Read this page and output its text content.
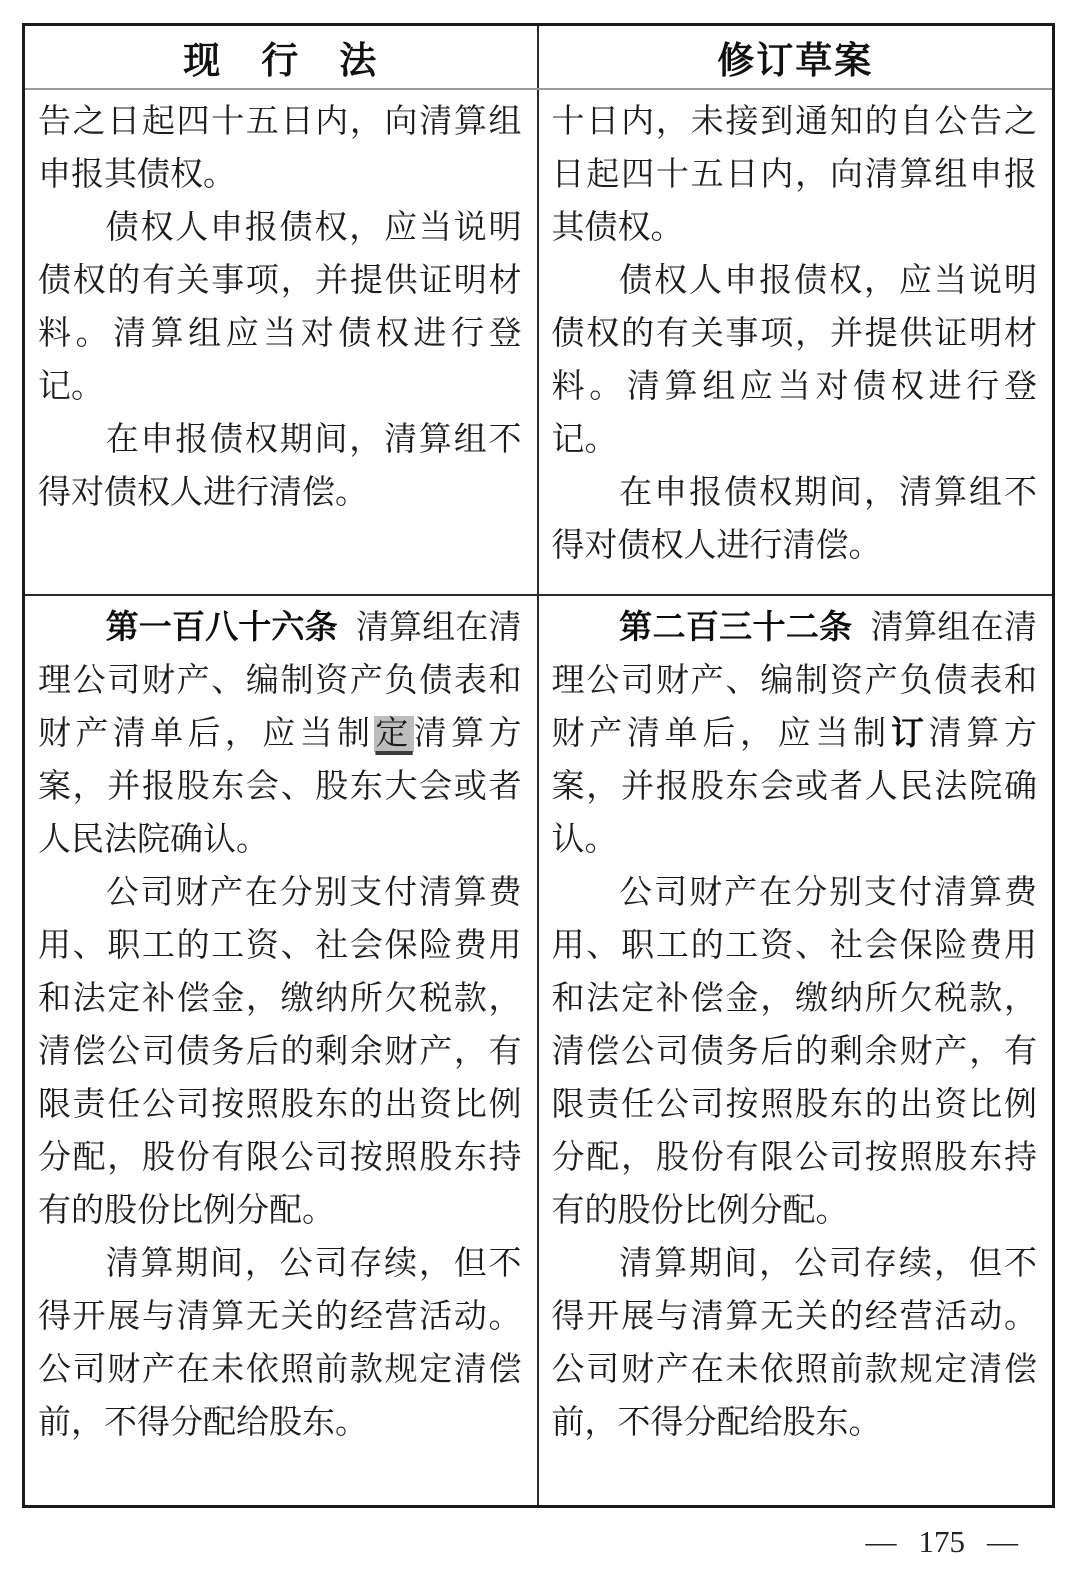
现　行　法	修订草案

告之日起四十五日内，向清算组申报其债权。

债权人申报债权，应当说明债权的有关事项，并提供证明材料。清算组应当对债权进行登记。

在申报债权期间，清算组不得对债权人进行清偿。

十日内，未接到通知的自公告之日起四十五日内，向清算组申报其债权。

债权人申报债权，应当说明债权的有关事项，并提供证明材料。清算组应当对债权进行登记。

在申报债权期间，清算组不得对债权人进行清偿。

第一百八十六条 清算组在清理公司财产、编制资产负债表和财产清单后，应当制定清算方案，并报股东会、股东大会或者人民法院确认。

公司财产在分别支付清算费用、职工的工资、社会保险费用和法定补偿金，缴纳所欠税款，清偿公司债务后的剩余财产，有限责任公司按照股东的出资比例分配，股份有限公司按照股东持有的股份比例分配。

清算期间，公司存续，但不得开展与清算无关的经营活动。公司财产在未依照前款规定清偿前，不得分配给股东。

第二百三十二条 清算组在清理公司财产、编制资产负债表和财产清单后，应当制订清算方案，并报股东会或者人民法院确认。

公司财产在分别支付清算费用、职工的工资、社会保险费用和法定补偿金，缴纳所欠税款，清偿公司债务后的剩余财产，有限责任公司按照股东的出资比例分配，股份有限公司按照股东持有的股份比例分配。

清算期间，公司存续，但不得开展与清算无关的经营活动。公司财产在未依照前款规定清偿前，不得分配给股东。

— 175 —
